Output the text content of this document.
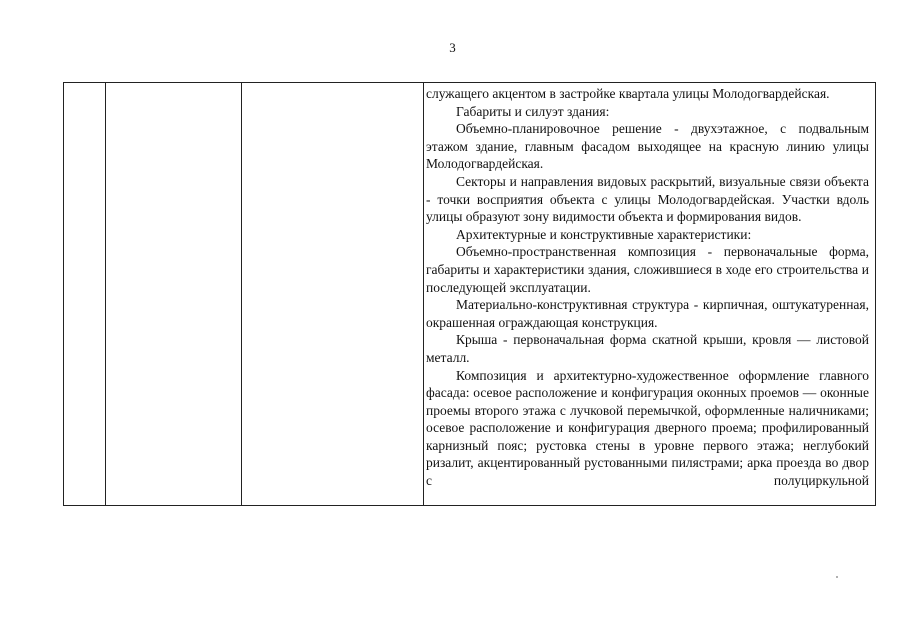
3

служащего акцентом в застройке квартала улицы Молодогвардейская.

Габариты и силуэт здания:

Объемно-планировочное решение - двухэтажное, с подвальным этажом здание, главным фасадом выходящее на красную линию улицы Молодогвардейская.

Секторы и направления видовых раскрытий, визуальные связи объекта - точки восприятия объекта с улицы Молодогвардейская. Участки вдоль улицы образуют зону видимости объекта и формирования видов.

Архитектурные и конструктивные характеристики:

Объемно-пространственная композиция - первоначальные форма, габариты и характеристики здания, сложившиеся в ходе его строительства и последующей эксплуатации.

Материально-конструктивная структура - кирпичная, оштукатуренная, окрашенная ограждающая конструкция.

Крыша - первоначальная форма скатной крыши, кровля — листовой металл.

Композиция и архитектурно-художественное оформление главного фасада: осевое расположение и конфигурация оконных проемов — оконные проемы второго этажа с лучковой перемычкой, оформленные наличниками; осевое расположение и конфигурация дверного проема; профилированный карнизный пояс; рустовка стены в уровне первого этажа; неглубокий ризалит, акцентированный рустованными пилястрами; арка проезда во двор с полуциркульной
